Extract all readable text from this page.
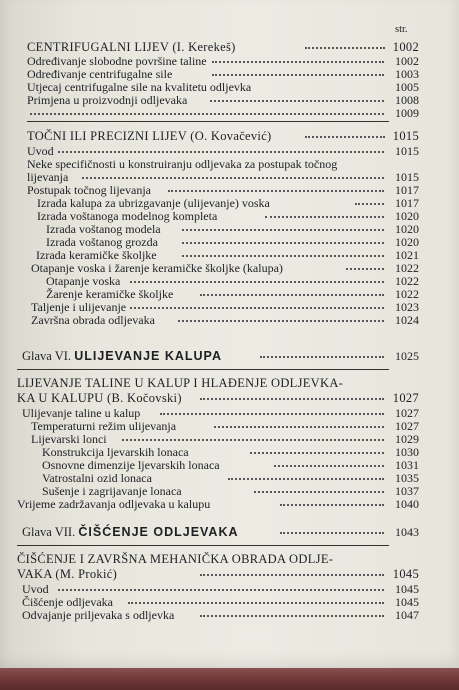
str.
CENTRIFUGALNI LIJEV (I. Kerekeš)	1002
Određivanje slobodne površine taline	1002
Određivanje centrifugalne sile	1003
Utjecaj centrifugalne sile na kvalitetu odljevka	1005
Primjena u proizvodnji odljevaka	1008
1009
TOČNI ILI PRECIZNI LIJEV (O. Kovačević)	1015
Uvod	1015
Neke specifičnosti u konstruiranju odljevaka za postupak točnog
lijevanja	1015
Postupak točnog lijevanja	1017
Izrada kalupa za ubrizgavanje (ulijevanje) voska	1017
Izrada voštanoga modelnog kompleta	1020
Izrada voštanog modela	1020
Izrada voštanog grozda	1020
Izrada keramičke školjke	1021
Otapanje voska i žarenje keramičke školjke (kalupa)	1022
Otapanje voska	1022
Žarenje keramičke školjke	1022
Taljenje i ulijevanje	1023
Završna obrada odljevaka	1024
Glava VI. ULIJEVANJE KALUPA	1025
LIJEVANJE TALINE U KALUP I HLAĐENJE ODLJEVKA-
KA U KALUPU (B. Kočovski)	1027
Ulijevanje taline u kalup	1027
Temperaturni režim ulijevanja	1027
Lijevarski lonci	1029
Konstrukcija ljevarskih lonaca	1030
Osnovne dimenzije ljevarskih lonaca	1031
Vatrostalni ozid lonaca	1035
Sušenje i zagrijavanje lonaca	1037
Vrijeme zadržavanja odljevaka u kalupu	1040
Glava VII. ČIŠĆENJE ODLJEVAKA	1043
ČIŠĆENJE I ZAVRŠNA MEHANIČKA OBRADA ODLJE-
VAKA (M. Prokić)	1045
Uvod	1045
Čišćenje odljevaka	1045
Odvajanje priljevaka s odljevka	1047
